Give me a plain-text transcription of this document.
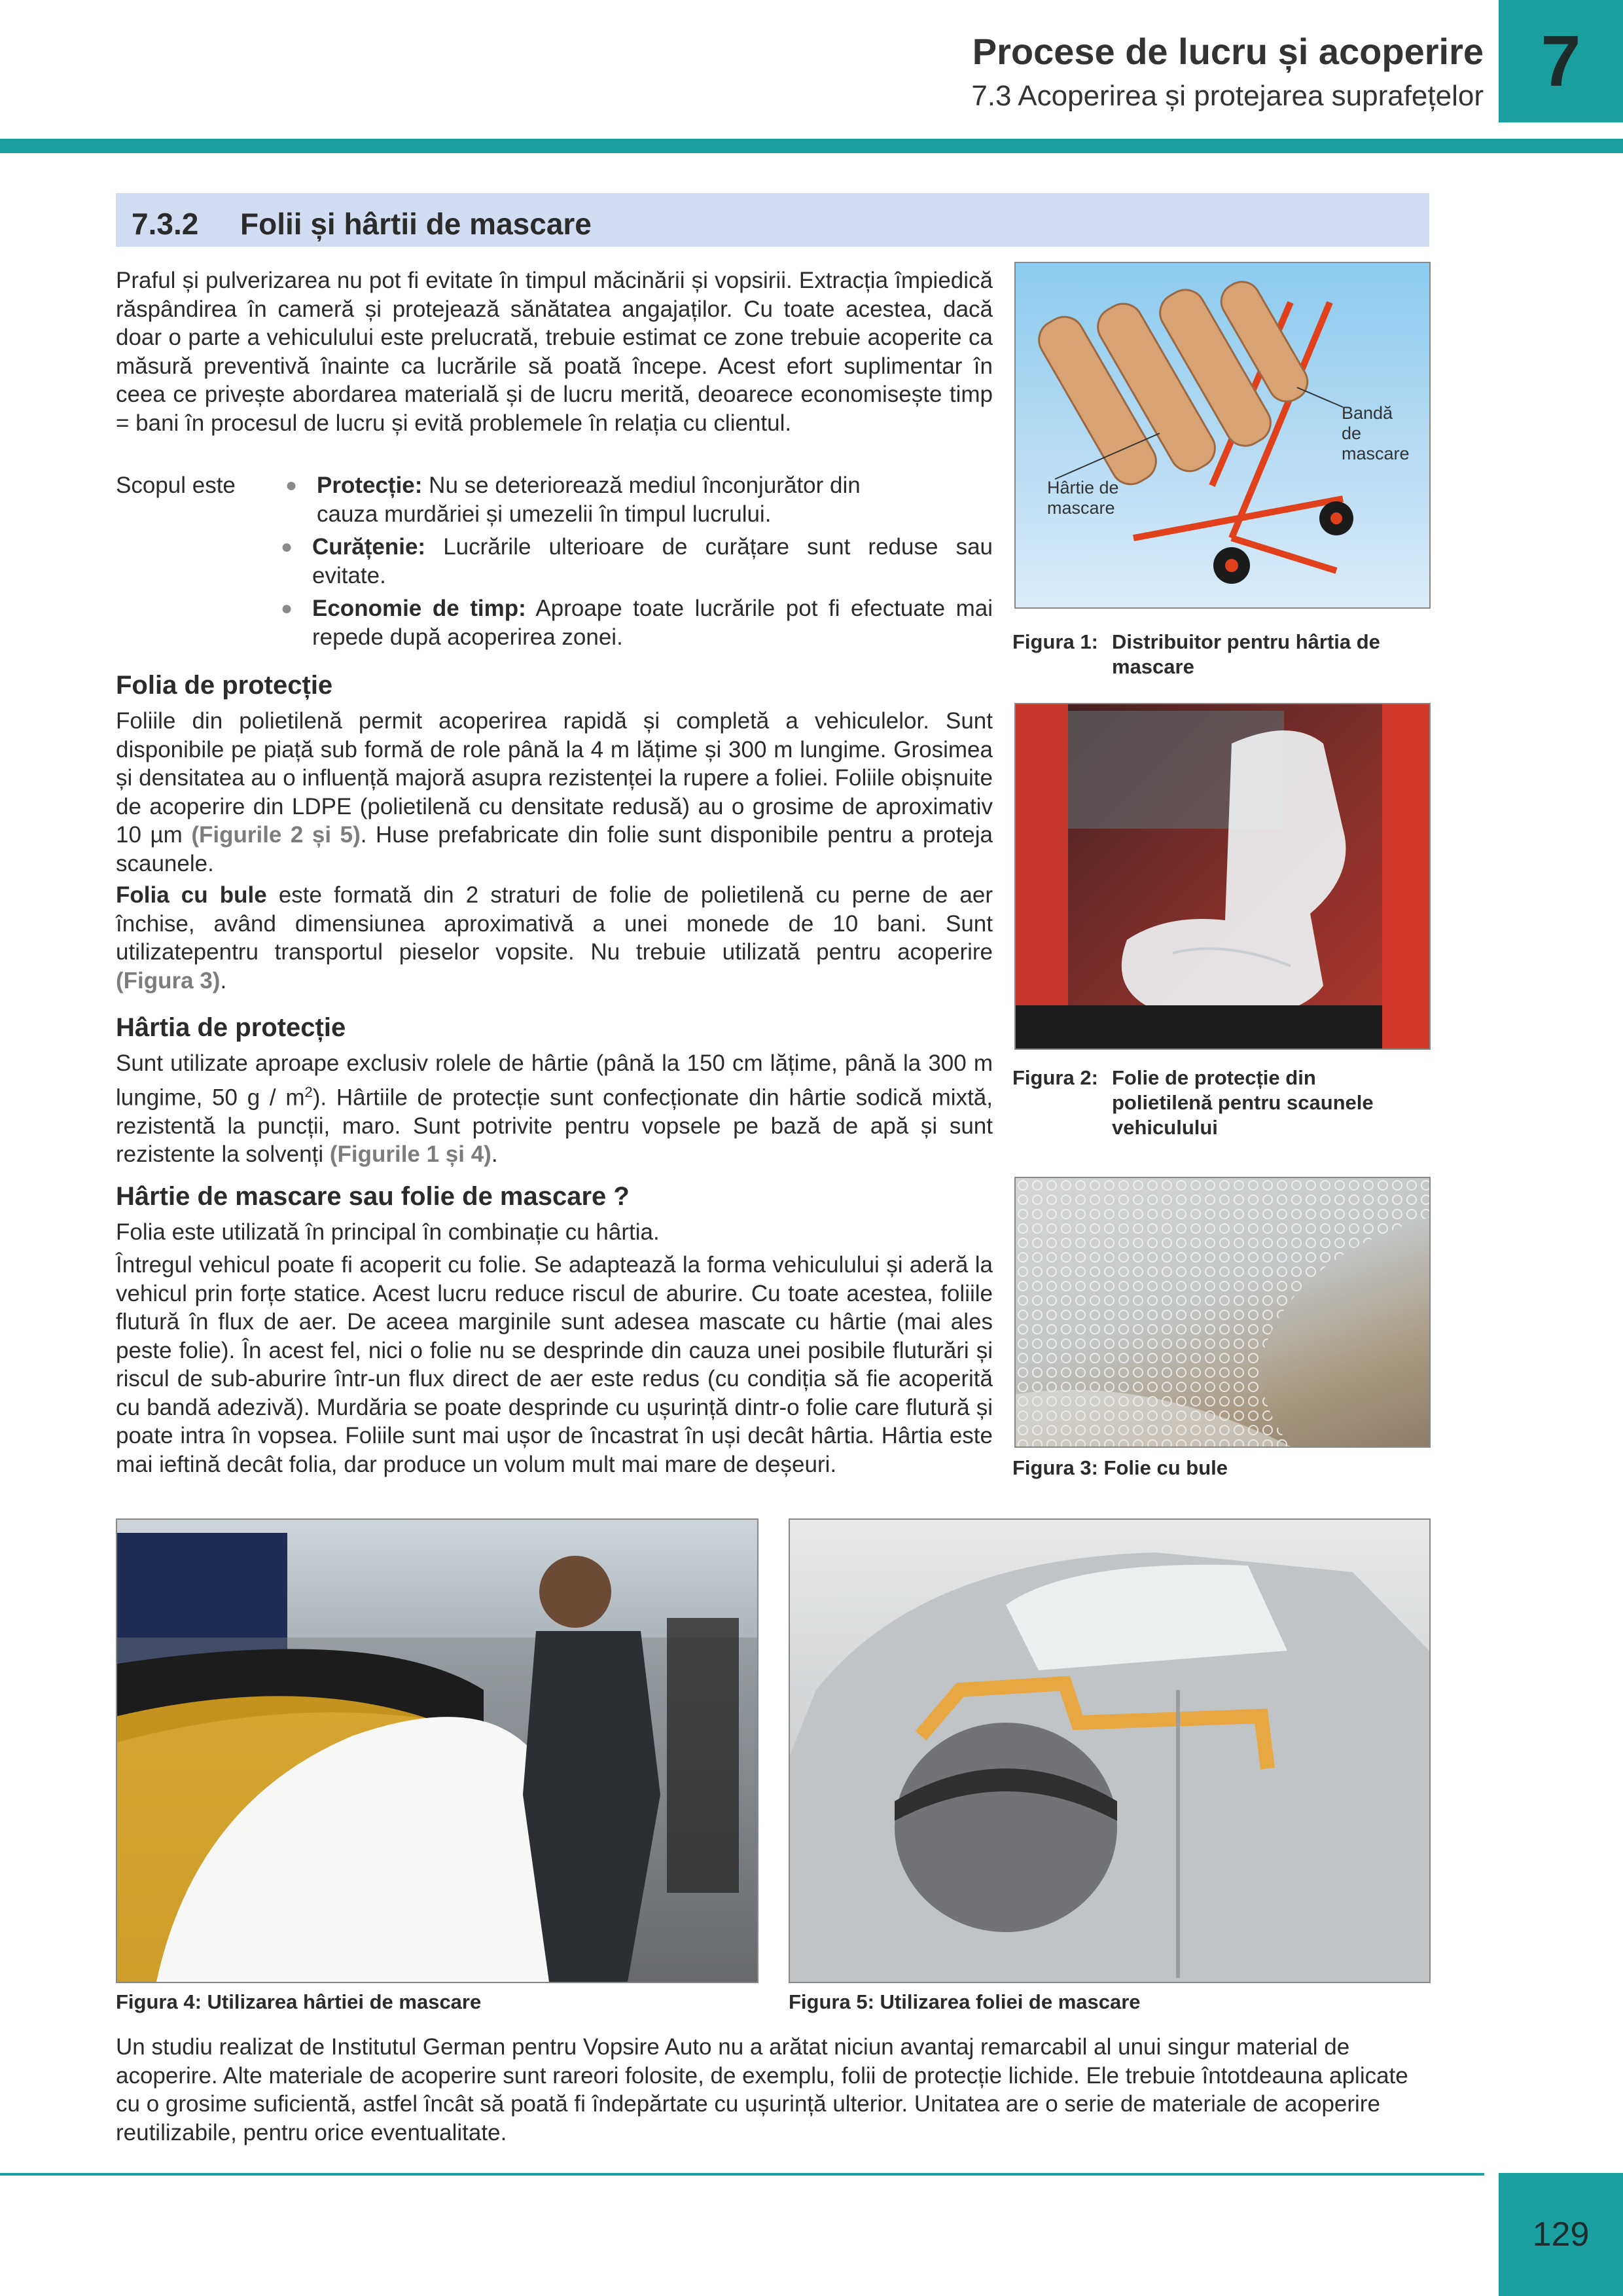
7
Procese de lucru și acoperire
7.3 Acoperirea și protejarea suprafețelor
7.3.2 Folii și hârtii de mascare
Praful și pulverizarea nu pot fi evitate în timpul măcinării și vopsirii. Extracția împiedică răspândirea în cameră și protejează sănătatea angajaților. Cu toate acestea, dacă doar o parte a vehiculului este prelucrată, trebuie estimat ce zone trebuie acoperite ca măsură preventivă înainte ca lucrările să poată începe. Acest efort suplimentar în ceea ce privește abordarea materială și de lucru merită, deoarece economisește timp = bani în procesul de lucru și evită problemele în relația cu clientul.
Scopul este	● Protecție: Nu se deteriorează mediul înconjurător din cauza murdăriei și umezelii în timpul lucrului.
● Curățenie: Lucrările ulterioare de curățare sunt reduse sau evitate.
● Economie de timp: Aproape toate lucrările pot fi efectuate mai repede după acoperirea zonei.
Folia de protecție
Foliile din polietilenă permit acoperirea rapidă și completă a vehiculelor. Sunt disponibile pe piață sub formă de role până la 4 m lățime și 300 m lungime. Grosimea și densitatea au o influență majoră asupra rezistenței la rupere a foliei. Foliile obișnuite de acoperire din LDPE (polietilenă cu densitate redusă) au o grosime de aproximativ 10 µm (Figurile 2 și 5). Huse prefabricate din folie sunt disponibile pentru a proteja scaunele.
Folia cu bule este formată din 2 straturi de folie de polietilenă cu perne de aer închise, având dimensiunea aproximativă a unei monede de 10 bani. Sunt utilizatepentru transportul pieselor vopsite. Nu trebuie utilizată pentru acoperire (Figura 3).
Hârtia de protecție
Sunt utilizate aproape exclusiv rolele de hârtie (până la 150 cm lățime, până la 300 m lungime, 50 g / $m^2$). Hârtiile de protecție sunt confecționate din hârtie sodică mixtă, rezistentă la puncții, maro. Sunt potrivite pentru vopsele pe bază de apă și sunt rezistente la solvenți (Figurile 1 și 4).
Hârtie de mascare sau folie de mascare ?
Folia este utilizată în principal în combinație cu hârtia.
Întregul vehicul poate fi acoperit cu folie. Se adaptează la forma vehiculului și aderă la vehicul prin forțe statice. Acest lucru reduce riscul de aburire. Cu toate acestea, foliile flutură în flux de aer. De aceea marginile sunt adesea mascate cu hârtie (mai ales peste folie). În acest fel, nici o folie nu se desprinde din cauza unei posibile fluturări și riscul de sub-aburire într-un flux direct de aer este redus (cu condiția să fie acoperită cu bandă adezivă). Murdăria se poate desprinde cu ușurință dintr-o folie care flutură și poate intra în vopsea. Foliile sunt mai ușor de încastrat în uși decât hârtia. Hârtia este mai ieftină decât folia, dar produce un volum mult mai mare de deșeuri.
Bandă
de
mascare
Hârtie de
mascare
Figura 1: Distribuitor pentru hârtia de mascare
Figura 2: Folie de protecție din polietilenă pentru scaunele vehiculului
Figura 3: Folie cu bule
Figura 4: Utilizarea hârtiei de mascare	Figura 5: Utilizarea foliei de mascare
Un studiu realizat de Institutul German pentru Vopsire Auto nu a arătat niciun avantaj remarcabil al unui singur material de acoperire. Alte materiale de acoperire sunt rareori folosite, de exemplu, folii de protecție lichide. Ele trebuie întotdeauna aplicate cu o grosime suficientă, astfel încât să poată fi îndepărtate cu ușurință ulterior. Unitatea are o serie de materiale de acoperire reutilizabile, pentru orice eventualitate.
129
